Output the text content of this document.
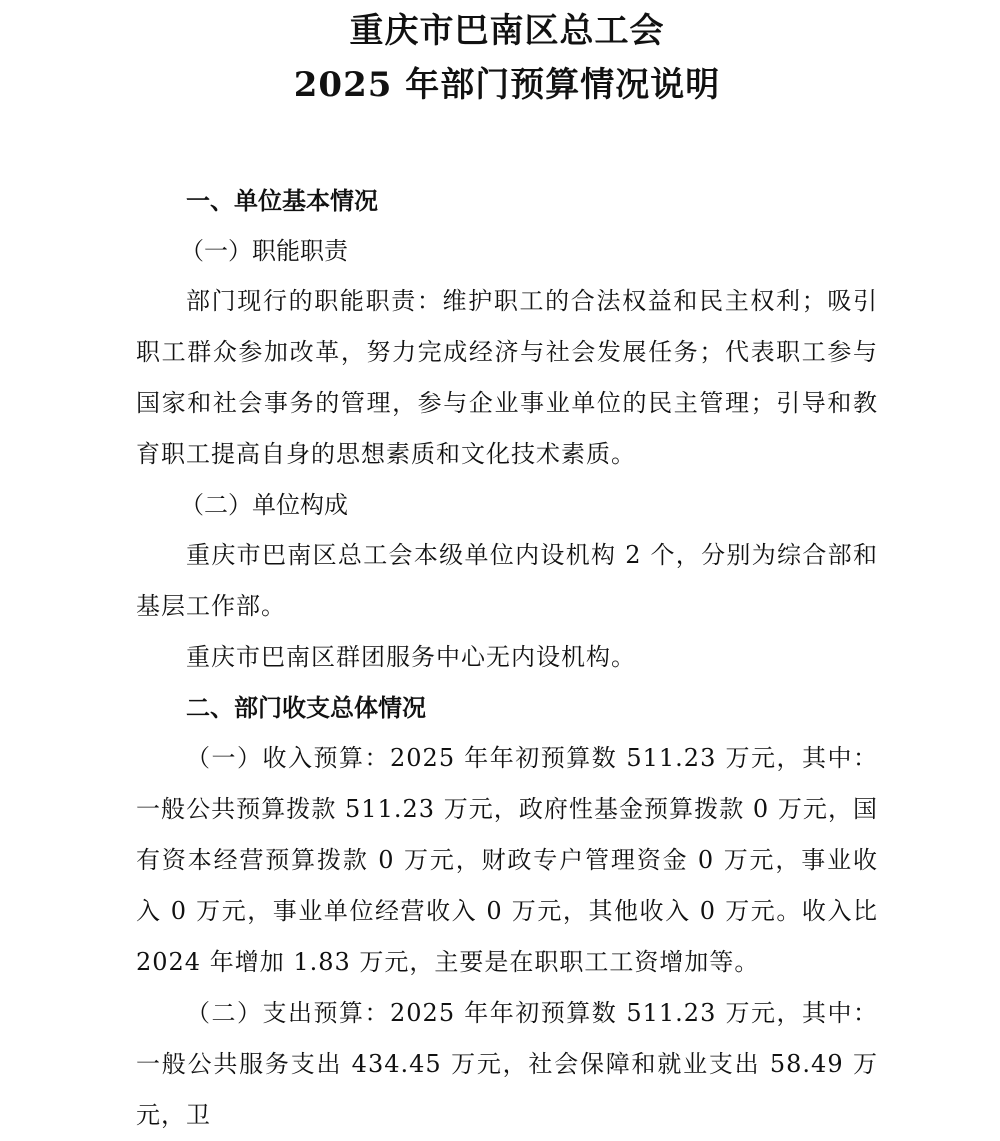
重庆市巴南区总工会
2025 年部门预算情况说明
一、单位基本情况
（一）职能职责

部门现行的职能职责：维护职工的合法权益和民主权利；吸引职工群众参加改革，努力完成经济与社会发展任务；代表职工参与国家和社会事务的管理，参与企业事业单位的民主管理；引导和教育职工提高自身的思想素质和文化技术素质。

（二）单位构成

重庆市巴南区总工会本级单位内设机构 2 个，分别为综合部和基层工作部。

重庆市巴南区群团服务中心无内设机构。

二、部门收支总体情况

（一）收入预算：2025 年年初预算数 511.23 万元，其中：一般公共预算拨款 511.23 万元，政府性基金预算拨款 0 万元，国有资本经营预算拨款 0 万元，财政专户管理资金 0 万元，事业收入 0 万元，事业单位经营收入 0 万元，其他收入 0 万元。收入比 2024 年增加 1.83 万元，主要是在职职工工资增加等。

（二）支出预算：2025 年年初预算数 511.23 万元，其中：一般公共服务支出 434.45 万元，社会保障和就业支出 58.49 万元，卫
